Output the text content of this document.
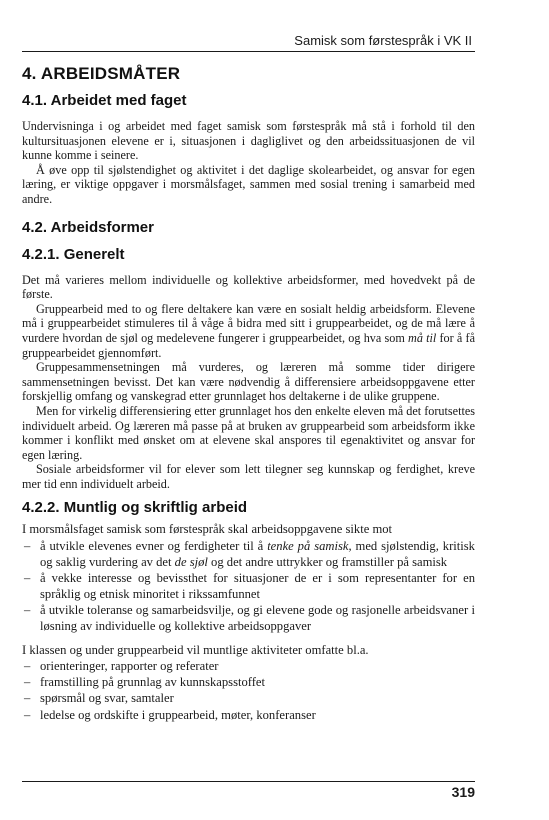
Samisk som førstespråk i VK II
4. ARBEIDSMÅTER
4.1. Arbeidet med faget

Undervisninga i og arbeidet med faget samisk som førstespråk må stå i forhold til den kultursituasjonen elevene er i, situasjonen i dagliglivet og den arbeidssituasjonen de vil kunne komme i seinere.

Å øve opp til sjølstendighet og aktivitet i det daglige skolearbeidet, og ansvar for egen læring, er viktige oppgaver i morsmålsfaget, sammen med sosial trening i samarbeid med andre.

4.2. Arbeidsformer
4.2.1. Generelt

Det må varieres mellom individuelle og kollektive arbeidsformer, med hovedvekt på de første.

Gruppearbeid med to og flere deltakere kan være en sosialt heldig arbeidsform. Elevene må i gruppearbeidet stimuleres til å våge å bidra med sitt i gruppearbeidet, og de må lære å vurdere hvordan de sjøl og medelevene fungerer i gruppearbeidet, og hva som må til for å få gruppearbeidet gjennomført.

Gruppesammensetningen må vurderes, og læreren må somme tider dirigere sammensetningen bevisst. Det kan være nødvendig å differensiere arbeidsoppgavene etter forskjellig omfang og vanskegrad etter grunnlaget hos deltakerne i de ulike gruppene.

Men for virkelig differensiering etter grunnlaget hos den enkelte eleven må det forutsettes individuelt arbeid. Og læreren må passe på at bruken av gruppearbeid som arbeidsform ikke kommer i konflikt med ønsket om at elevene skal ansporеs til egenaktivitet og ansvar for egen læring.

Sosiale arbeidsformer vil for elever som lett tilegner seg kunnskap og ferdighet, kreve mer tid enn individuelt arbeid.

4.2.2. Muntlig og skriftlig arbeid
I morsmålsfaget samisk som førstespråk skal arbeidsoppgavene sikte mot
– å utvikle elevenes evner og ferdigheter til å tenke på samisk, med sjølstendig, kritisk og saklig vurdering av det de sjøl og det andre uttrykker og framstiller på samisk
– å vekke interesse og bevissthet for situasjoner de er i som representanter for en språklig og etnisk minoritet i rikssamfunnet
– å utvikle toleranse og samarbeidsvilje, og gi elevene gode og rasjonelle arbeidsvaner i løsning av individuelle og kollektive arbeidsoppgaver
I klassen og under gruppearbeid vil muntlige aktiviteter omfatte bl.a.
– orienteringer, rapporter og referater
– framstilling på grunnlag av kunnskapsstoffet
– spørsmål og svar, samtaler
– ledelse og ordskifte i gruppearbeid, møter, konferanser
319
